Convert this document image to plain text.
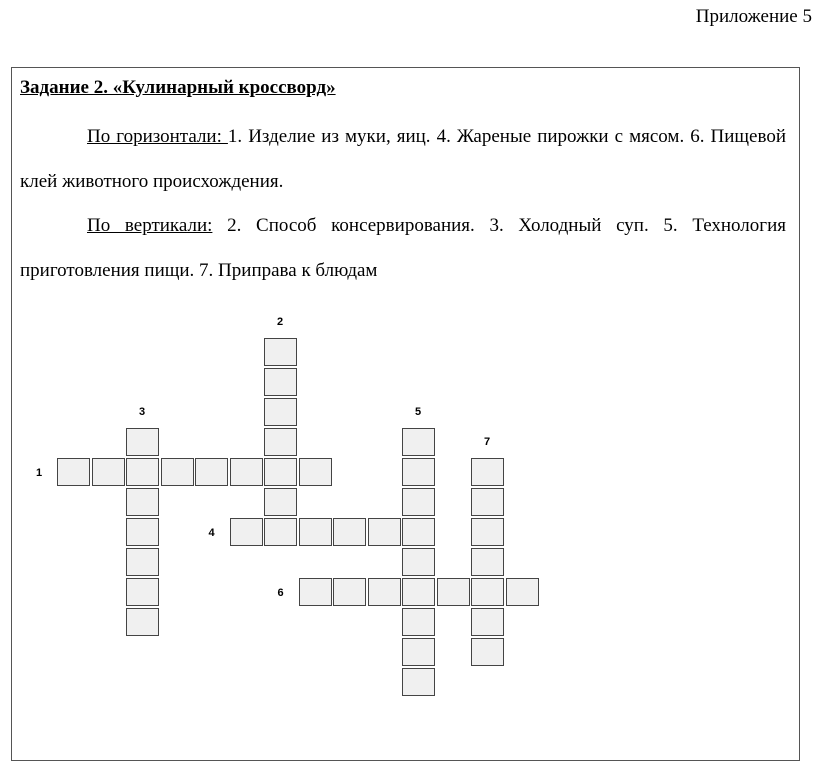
Приложение 5
Задание 2. «Кулинарный кроссворд»

По горизонтали: 1. Изделие из муки, яиц. 4. Жареные пирожки с мясом. 6. Пищевой клей животного происхождения.

По вертикали: 2. Способ консервирования. 3. Холодный суп. 5. Технология приготовления пищи. 7. Приправа к блюдам

1
2
3
4
5
6
7
